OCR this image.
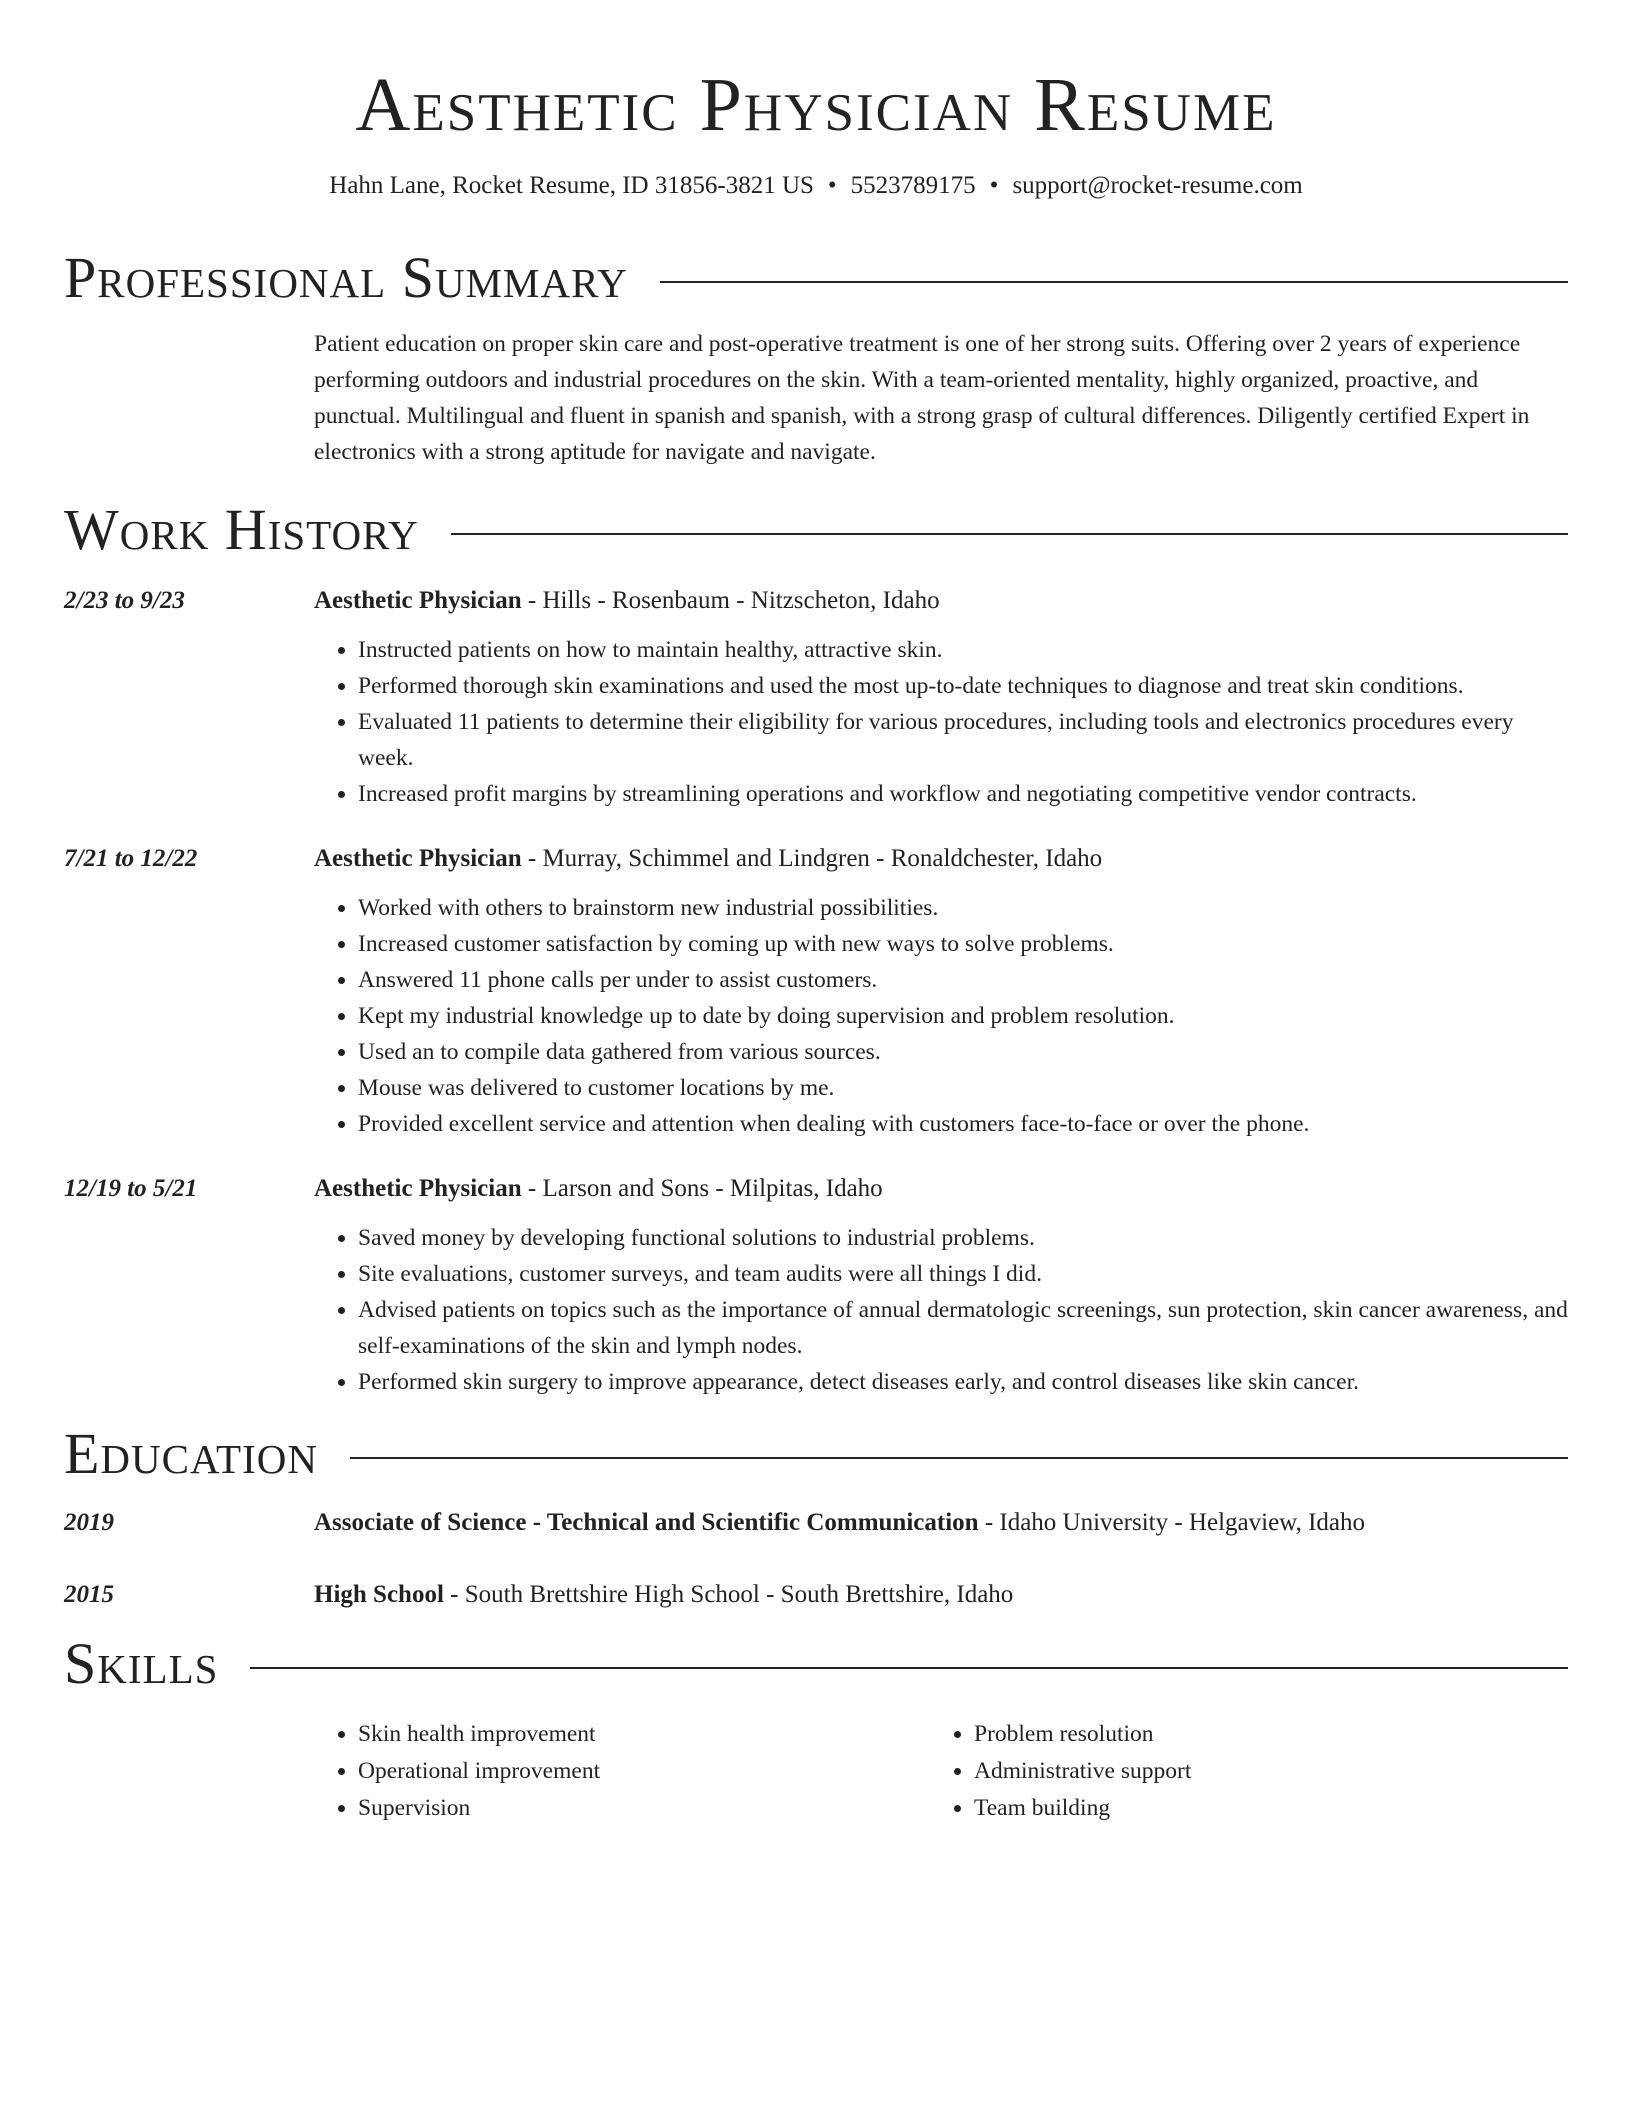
Aesthetic Physician Resume
Hahn Lane, Rocket Resume, ID 31856-3821 US • 5523789175 • support@rocket-resume.com
Professional Summary
Patient education on proper skin care and post-operative treatment is one of her strong suits. Offering over 2 years of experience performing outdoors and industrial procedures on the skin. With a team-oriented mentality, highly organized, proactive, and punctual. Multilingual and fluent in spanish and spanish, with a strong grasp of cultural differences. Diligently certified Expert in electronics with a strong aptitude for navigate and navigate.
Work History
2/23 to 9/23	Aesthetic Physician - Hills - Rosenbaum - Nitzscheton, Idaho
• Instructed patients on how to maintain healthy, attractive skin.
• Performed thorough skin examinations and used the most up-to-date techniques to diagnose and treat skin conditions.
• Evaluated 11 patients to determine their eligibility for various procedures, including tools and electronics procedures every week.
• Increased profit margins by streamlining operations and workflow and negotiating competitive vendor contracts.
7/21 to 12/22	Aesthetic Physician - Murray, Schimmel and Lindgren - Ronaldchester, Idaho
• Worked with others to brainstorm new industrial possibilities.
• Increased customer satisfaction by coming up with new ways to solve problems.
• Answered 11 phone calls per under to assist customers.
• Kept my industrial knowledge up to date by doing supervision and problem resolution.
• Used an to compile data gathered from various sources.
• Mouse was delivered to customer locations by me.
• Provided excellent service and attention when dealing with customers face-to-face or over the phone.
12/19 to 5/21	Aesthetic Physician - Larson and Sons - Milpitas, Idaho
• Saved money by developing functional solutions to industrial problems.
• Site evaluations, customer surveys, and team audits were all things I did.
• Advised patients on topics such as the importance of annual dermatologic screenings, sun protection, skin cancer awareness, and self-examinations of the skin and lymph nodes.
• Performed skin surgery to improve appearance, detect diseases early, and control diseases like skin cancer.
Education
2019	Associate of Science - Technical and Scientific Communication - Idaho University - Helgaview, Idaho
2015	High School - South Brettshire High School - South Brettshire, Idaho
Skills
• Skin health improvement
• Operational improvement
• Supervision
• Problem resolution
• Administrative support
• Team building
